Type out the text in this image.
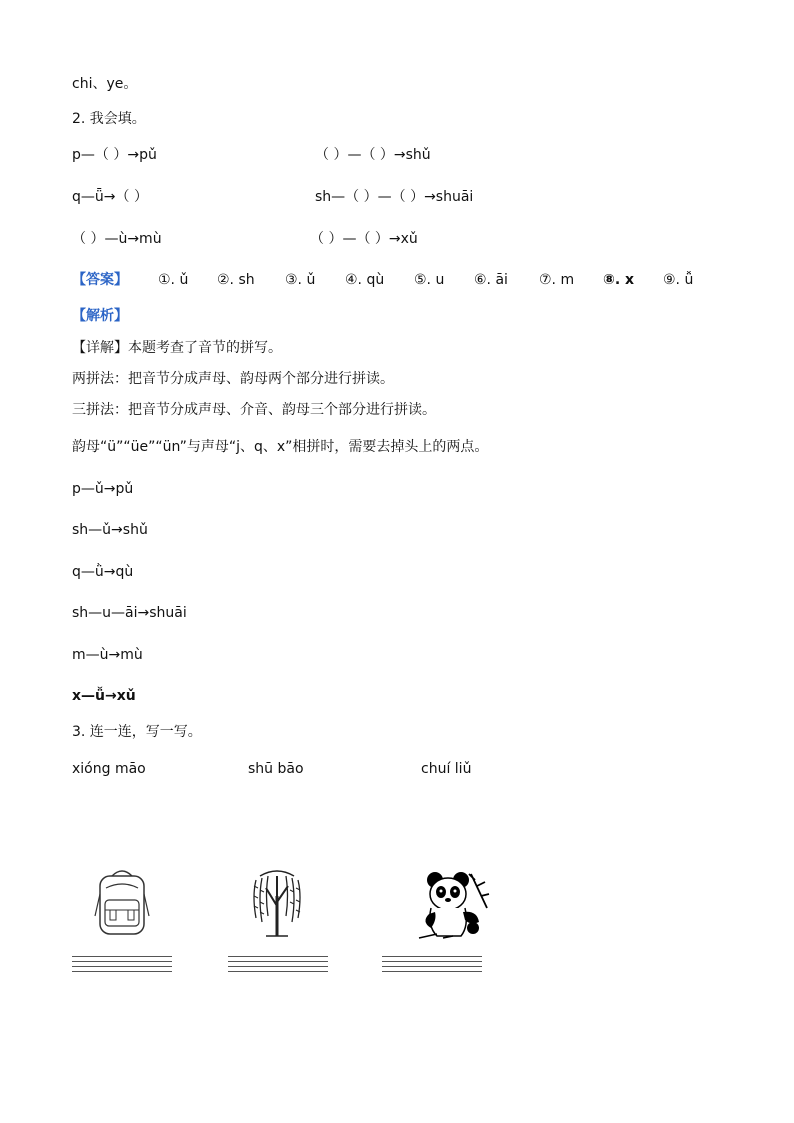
chi、ye。
2. 我会填。
p—（ ）→pǔ	（ ）—（ ）→shǔ
q—ǖ→（ ）	sh—（ ）—（ ）→shuāi
（ ）—ù→mù	（ ）—（ ）→xǔ
【答案】 ①. ǔ ②. sh ③. ǔ ④. qù ⑤. u ⑥. āi ⑦. m ⑧. x ⑨. ǚ
【解析】
【详解】本题考查了音节的拼写。
两拼法：把音节分成声母、韵母两个部分进行拼读。
三拼法：把音节分成声母、介音、韵母三个部分进行拼读。
韵母“ü”“üe”“ün”与声母“j、q、x”相拼时，需要去掉头上的两点。
p—ǔ→pǔ
sh—ǔ→shǔ
q—ǜ→qù
sh—u—āi→shuāi
m—ù→mù
x—ǚ→xǔ
3. 连一连，写一写。
xióng māo	shū bāo	chuí liǔ
